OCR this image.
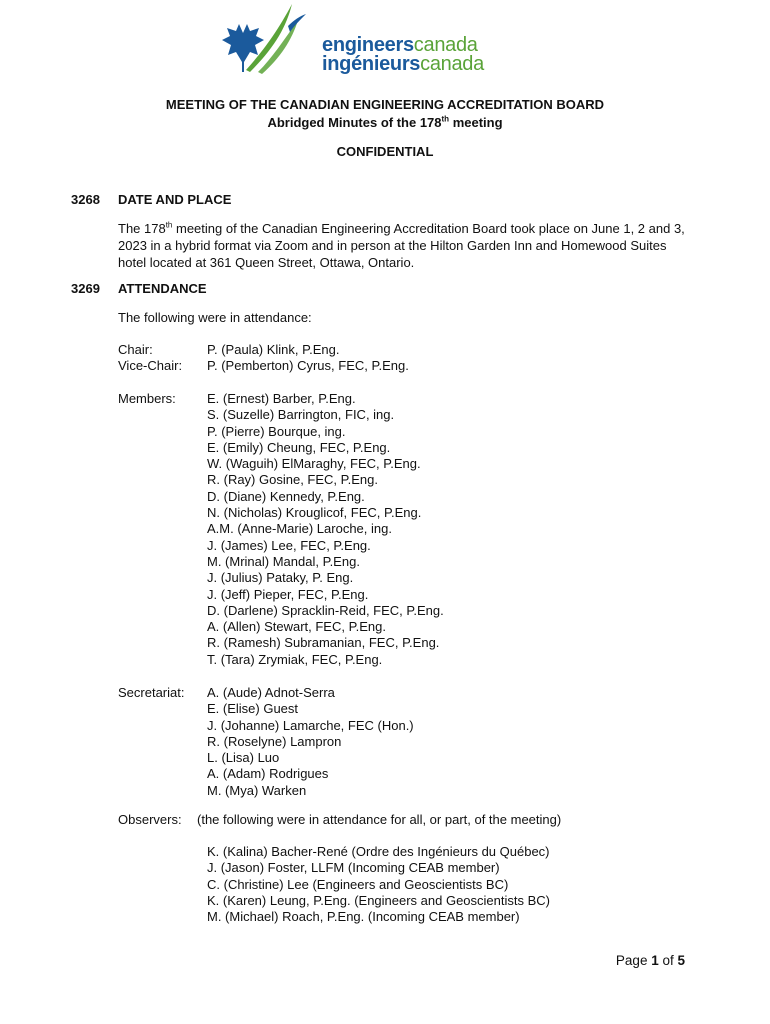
engineerscanada
ingénieurscanada
MEETING OF THE CANADIAN ENGINEERING ACCREDITATION BOARD
Abridged Minutes of the 178th meeting
CONFIDENTIAL
3268 DATE AND PLACE
The 178th meeting of the Canadian Engineering Accreditation Board took place on June 1, 2 and 3, 2023 in a hybrid format via Zoom and in person at the Hilton Garden Inn and Homewood Suites hotel located at 361 Queen Street, Ottawa, Ontario.
3269 ATTENDANCE
The following were in attendance:
Chair:	P. (Paula) Klink, P.Eng.
Vice-Chair: P. (Pemberton) Cyrus, FEC, P.Eng.
Members: E. (Ernest) Barber, P.Eng.
S. (Suzelle) Barrington, FIC, ing.
P. (Pierre) Bourque, ing.
E. (Emily) Cheung, FEC, P.Eng.
W. (Waguih) ElMaraghy, FEC, P.Eng.
R. (Ray) Gosine, FEC, P.Eng.
D. (Diane) Kennedy, P.Eng.
N. (Nicholas) Krouglicof, FEC, P.Eng.
A.M. (Anne-Marie) Laroche, ing.
J. (James) Lee, FEC, P.Eng.
M. (Mrinal) Mandal, P.Eng.
J. (Julius) Pataky, P. Eng.
J. (Jeff) Pieper, FEC, P.Eng.
D. (Darlene) Spracklin-Reid, FEC, P.Eng.
A. (Allen) Stewart, FEC, P.Eng.
R. (Ramesh) Subramanian, FEC, P.Eng.
T. (Tara) Zrymiak, FEC, P.Eng.
Secretariat: A. (Aude) Adnot-Serra
E. (Elise) Guest
J. (Johanne) Lamarche, FEC (Hon.)
R. (Roselyne) Lampron
L. (Lisa) Luo
A. (Adam) Rodrigues
M. (Mya) Warken
Observers: (the following were in attendance for all, or part, of the meeting)
K. (Kalina) Bacher-René (Ordre des Ingénieurs du Québec)
J. (Jason) Foster, LLFM (Incoming CEAB member)
C. (Christine) Lee (Engineers and Geoscientists BC)
K. (Karen) Leung, P.Eng. (Engineers and Geoscientists BC)
M. (Michael) Roach, P.Eng. (Incoming CEAB member)
Page 1 of 5
